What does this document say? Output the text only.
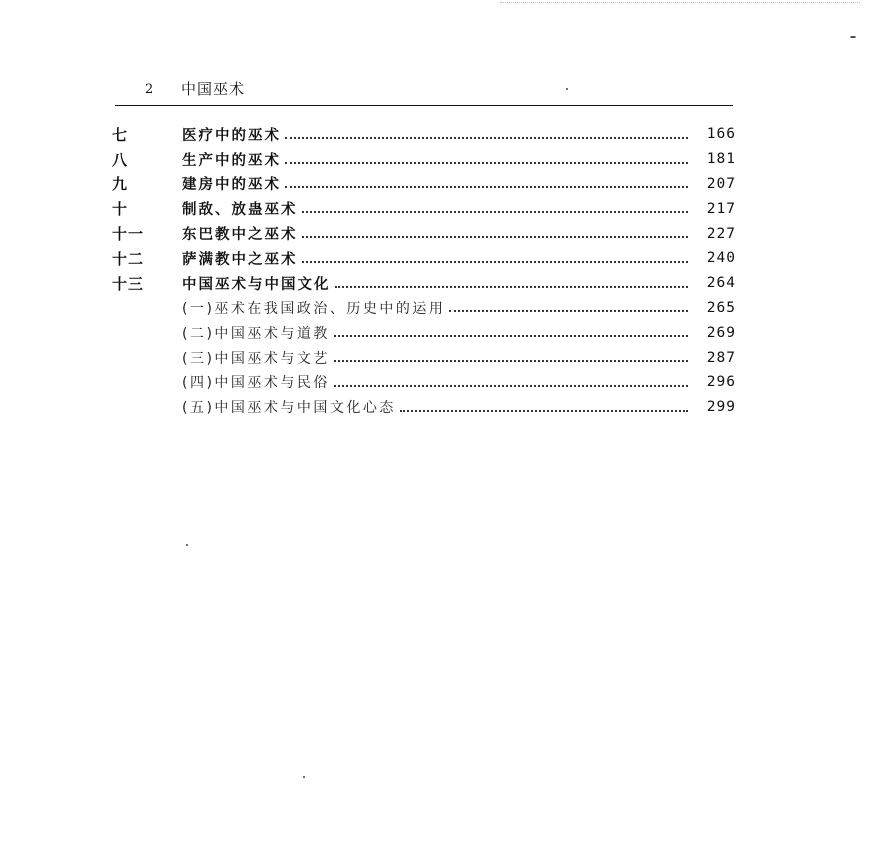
2 中国巫术
七	医疗中的巫术	166
八	生产中的巫术	181
九	建房中的巫术	207
十	制敌、放蛊巫术	217
十一	东巴教中之巫术	227
十二	萨满教中之巫术	240
十三	中国巫术与中国文化	264
(一)巫术在我国政治、历史中的运用	265
(二)中国巫术与道教	269
(三)中国巫术与文艺	287
(四)中国巫术与民俗	296
(五)中国巫术与中国文化心态	299
